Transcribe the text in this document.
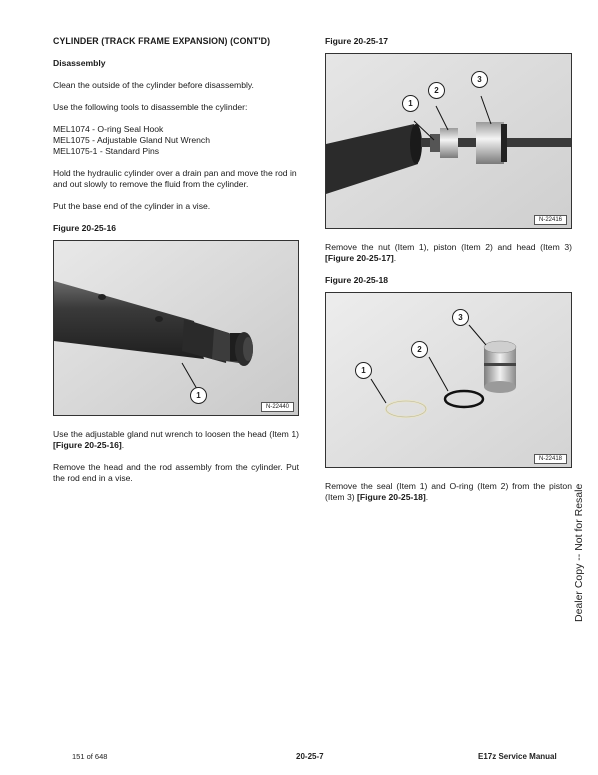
CYLINDER (TRACK FRAME EXPANSION) (CONT'D)
Disassembly
Clean the outside of the cylinder before disassembly.
Use the following tools to disassemble the cylinder:
MEL1074 - O-ring Seal Hook
MEL1075 - Adjustable Gland Nut Wrench
MEL1075-1 - Standard Pins
Hold the hydraulic cylinder over a drain pan and move the rod in and out slowly to remove the fluid from the cylinder.
Put the base end of the cylinder in a vise.
Figure 20-25-16
1
N-22440
Use the adjustable gland nut wrench to loosen the head (Item 1) [Figure 20-25-16].
Remove the head and the rod assembly from the cylinder. Put the rod end in a vise.
Figure 20-25-17
1
2
3
N-22416
Remove the nut (Item 1), piston (Item 2) and head (Item 3) [Figure 20-25-17].
Figure 20-25-18
1
2
3
N-22418
Remove the seal (Item 1) and O-ring (Item 2) from the piston (Item 3) [Figure 20-25-18].	Dealer Copy -- Not for Resale
151 of 648	20-25-7	E17z Service Manual
